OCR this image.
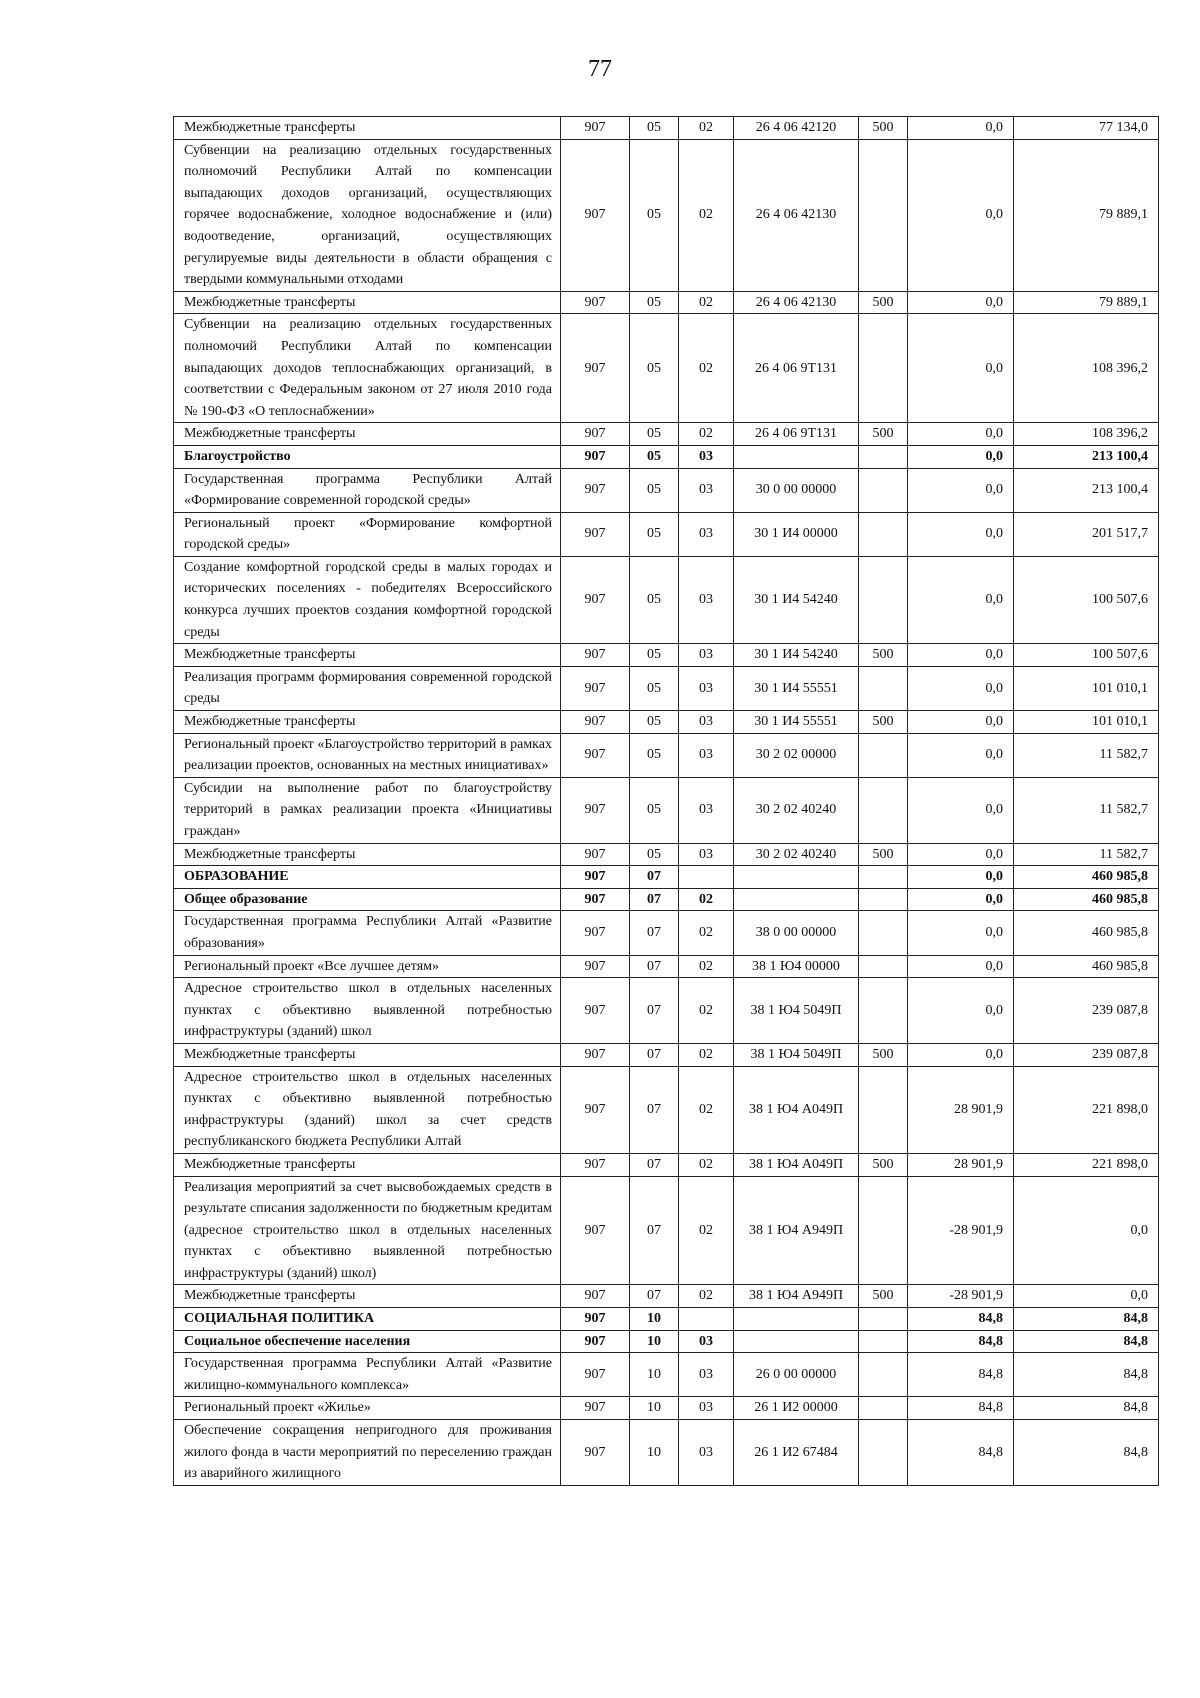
77
Межбюджетные трансферты	907	05	02	26 4 06 42120	500	0,0	77 134,0
Субвенции на реализацию отдельных государственных полномочий Республики Алтай по компенсации выпадающих доходов организаций, осуществляющих горячее водоснабжение, холодное водоснабжение и (или) водоотведение, организаций, осуществляющих регулируемые виды деятельности в области обращения с твердыми коммунальными отходами	907	05	02	26 4 06 42130		0,0	79 889,1
Межбюджетные трансферты	907	05	02	26 4 06 42130	500	0,0	79 889,1
Субвенции на реализацию отдельных государственных полномочий Республики Алтай по компенсации выпадающих доходов теплоснабжающих организаций, в соответствии с Федеральным законом от 27 июля 2010 года № 190-ФЗ «О теплоснабжении»	907	05	02	26 4 06 9Т131		0,0	108 396,2
Межбюджетные трансферты	907	05	02	26 4 06 9Т131	500	0,0	108 396,2
Благоустройство	907	05	03			0,0	213 100,4
Государственная программа Республики Алтай «Формирование современной городской среды»	907	05	03	30 0 00 00000		0,0	213 100,4
Региональный проект «Формирование комфортной городской среды»	907	05	03	30 1 И4 00000		0,0	201 517,7
Создание комфортной городской среды в малых городах и исторических поселениях - победителях Всероссийского конкурса лучших проектов создания комфортной городской среды	907	05	03	30 1 И4 54240		0,0	100 507,6
Межбюджетные трансферты	907	05	03	30 1 И4 54240	500	0,0	100 507,6
Реализация программ формирования современной городской среды	907	05	03	30 1 И4 55551		0,0	101 010,1
Межбюджетные трансферты	907	05	03	30 1 И4 55551	500	0,0	101 010,1
Региональный проект «Благоустройство территорий в рамках реализации проектов, основанных на местных инициативах»	907	05	03	30 2 02 00000		0,0	11 582,7
Субсидии на выполнение работ по благоустройству территорий в рамках реализации проекта «Инициативы граждан»	907	05	03	30 2 02 40240		0,0	11 582,7
Межбюджетные трансферты	907	05	03	30 2 02 40240	500	0,0	11 582,7
ОБРАЗОВАНИЕ	907	07				0,0	460 985,8
Общее образование	907	07	02			0,0	460 985,8
Государственная программа Республики Алтай «Развитие образования»	907	07	02	38 0 00 00000		0,0	460 985,8
Региональный проект «Все лучшее детям»	907	07	02	38 1 Ю4 00000		0,0	460 985,8
Адресное строительство школ в отдельных населенных пунктах с объективно выявленной потребностью инфраструктуры (зданий) школ	907	07	02	38 1 Ю4 5049П		0,0	239 087,8
Межбюджетные трансферты	907	07	02	38 1 Ю4 5049П	500	0,0	239 087,8
Адресное строительство школ в отдельных населенных пунктах с объективно выявленной потребностью инфраструктуры (зданий) школ за счет средств республиканского бюджета Республики Алтай	907	07	02	38 1 Ю4 А049П		28 901,9	221 898,0
Межбюджетные трансферты	907	07	02	38 1 Ю4 А049П	500	28 901,9	221 898,0
Реализация мероприятий за счет высвобождаемых средств в результате списания задолженности по бюджетным кредитам (адресное строительство школ в отдельных населенных пунктах с объективно выявленной потребностью инфраструктуры (зданий) школ)	907	07	02	38 1 Ю4 А949П		-28 901,9	0,0
Межбюджетные трансферты	907	07	02	38 1 Ю4 А949П	500	-28 901,9	0,0
СОЦИАЛЬНАЯ ПОЛИТИКА	907	10				84,8	84,8
Социальное обеспечение населения	907	10	03			84,8	84,8
Государственная программа Республики Алтай «Развитие жилищно-коммунального комплекса»	907	10	03	26 0 00 00000		84,8	84,8
Региональный проект «Жилье»	907	10	03	26 1 И2 00000		84,8	84,8
Обеспечение сокращения непригодного для проживания жилого фонда в части мероприятий по переселению граждан из аварийного жилищного	907	10	03	26 1 И2 67484		84,8	84,8
